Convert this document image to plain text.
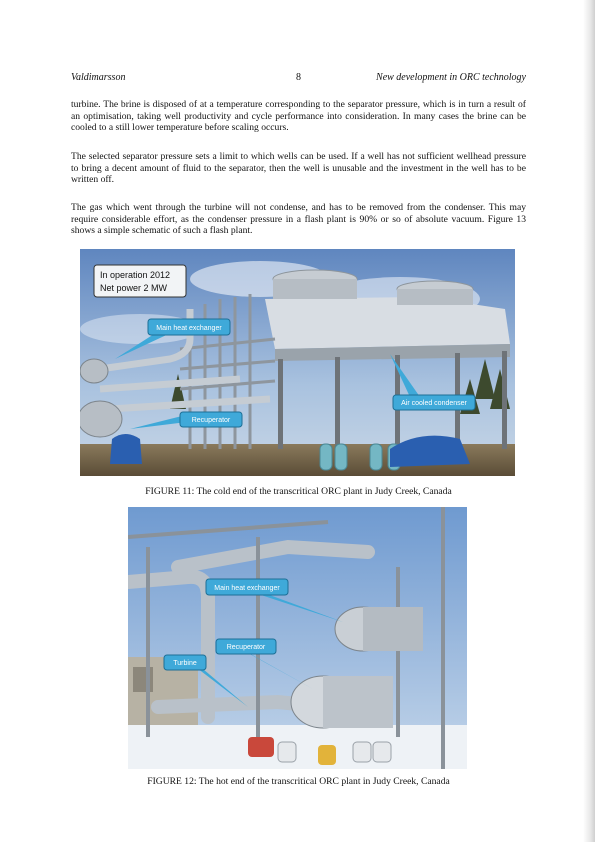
Valdimarsson	8	New development in ORC technology

turbine. The brine is disposed of at a temperature corresponding to the separator pressure, which is in turn a result of an optimisation, taking well productivity and cycle performance into consideration. In many cases the brine can be cooled to a still lower temperature before scaling occurs.

The selected separator pressure sets a limit to which wells can be used. If a well has not sufficient wellhead pressure to bring a decent amount of fluid to the separator, then the well is unusable and the investment in the well has to be written off.

The gas which went through the turbine will not condense, and has to be removed from the condenser. This may require considerable effort, as the condenser pressure in a flash plant is 90% or so of absolute vacuum. Figure 13 shows a simple schematic of such a flash plant.

In operation 2012
Net power 2 MW
Main heat exchanger
Recuperator
Air cooled condenser
FIGURE 11: The cold end of the transcritical ORC plant in Judy Creek, Canada
Main heat exchanger
Recuperator
Turbine
FIGURE 12: The hot end of the transcritical ORC plant in Judy Creek, Canada
